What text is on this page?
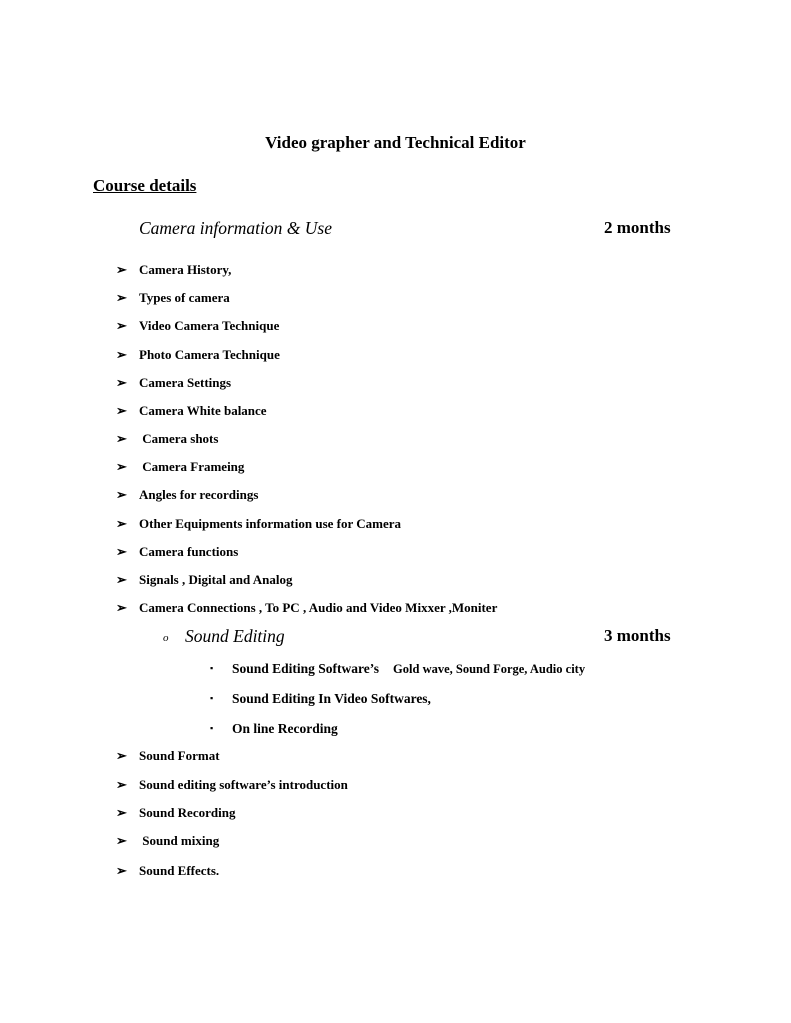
Video grapher and Technical Editor
Course details
Camera information & Use	2 months
➢ Camera History,
➢ Types of camera
➢ Video Camera Technique
➢ Photo Camera Technique
➢ Camera Settings
➢ Camera White balance
➢ Camera shots
➢ Camera Frameing
➢ Angles for recordings
➢ Other Equipments information use for Camera
➢ Camera functions
➢ Signals , Digital and Analog
➢ Camera Connections , To PC , Audio and Video Mixxer ,Moniter
o Sound Editing	3 months
▪ Sound Editing Software’s Gold wave, Sound Forge, Audio city
▪ Sound Editing In Video Softwares,
▪ On line Recording
➢ Sound Format
➢ Sound editing software’s introduction
➢ Sound Recording
➢ Sound mixing
➢ Sound Effects.
